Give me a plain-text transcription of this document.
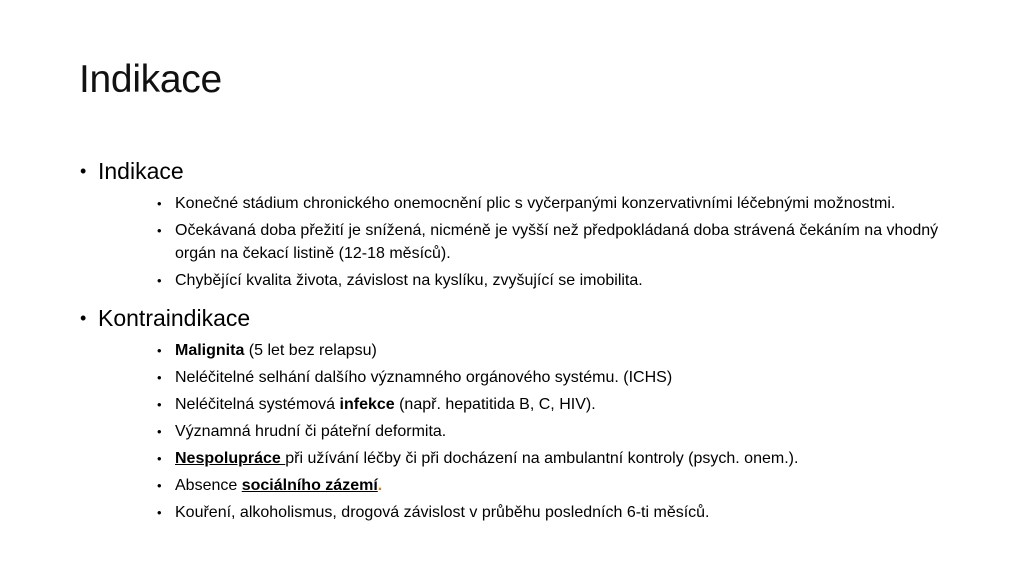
Indikace
• Indikace
• Konečné stádium chronického onemocnění plic s vyčerpanými konzervativními léčebnými možnostmi.
• Očekávaná doba přežití je snížená, nicméně je vyšší než předpokládaná doba strávená čekáním na vhodný orgán na čekací listině (12-18 měsíců).
• Chybějící kvalita života, závislost na kyslíku, zvyšující se imobilita.
• Kontraindikace
• Malignita (5 let bez relapsu)
• Neléčitelné selhání dalšího významného orgánového systému. (ICHS)
• Neléčitelná systémová infekce (např. hepatitida B, C, HIV).
• Významná hrudní či páteřní deformita.
• Nespolupráce při užívání léčby či při docházení na ambulantní kontroly (psych. onem.).
• Absence sociálního zázemí.
• Kouření, alkoholismus, drogová závislost v průběhu posledních 6-ti měsíců.
